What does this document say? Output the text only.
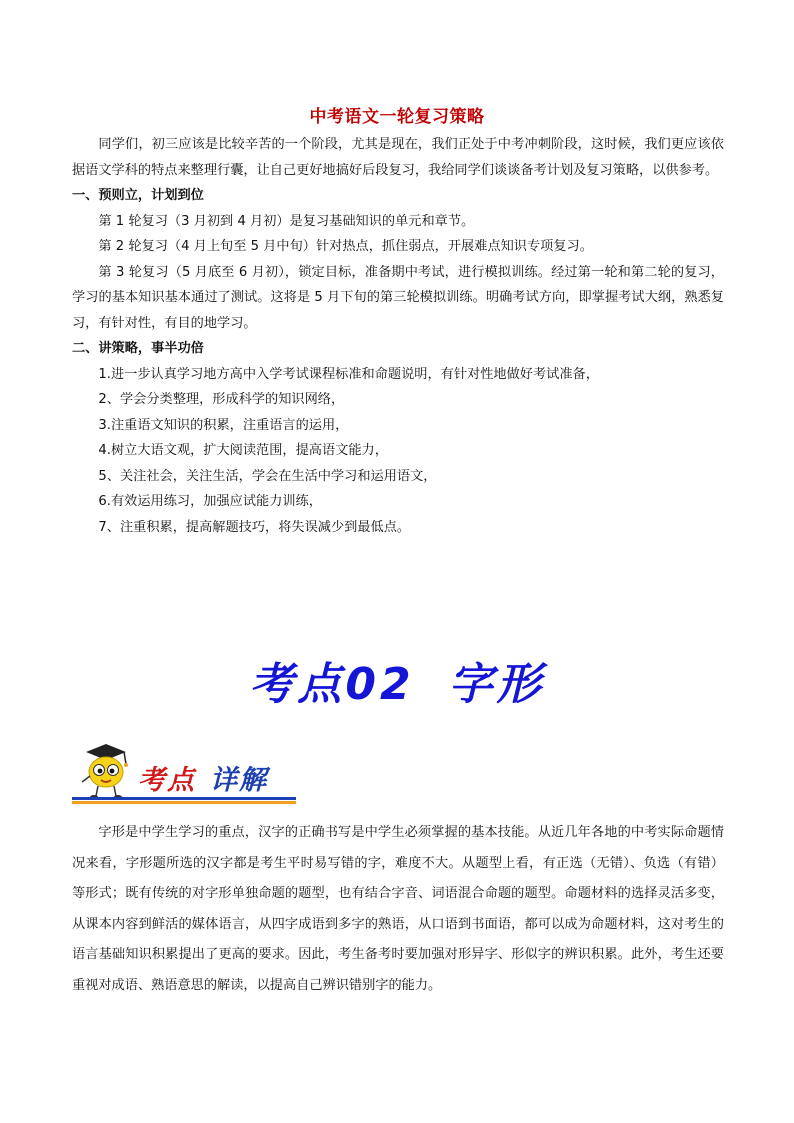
中考语文一轮复习策略

同学们，初三应该是比较辛苦的一个阶段，尤其是现在，我们正处于中考冲刺阶段，这时候，我们更应该依据语文学科的特点来整理行囊，让自己更好地搞好后段复习，我给同学们谈谈备考计划及复习策略，以供参考。

一、预则立，计划到位

第 1 轮复习（3 月初到 4 月初）是复习基础知识的单元和章节。

第 2 轮复习（4 月上旬至 5 月中旬）针对热点，抓住弱点，开展难点知识专项复习。

第 3 轮复习（5 月底至 6 月初），锁定目标，准备期中考试，进行模拟训练。经过第一轮和第二轮的复习，学习的基本知识基本通过了测试。这将是 5 月下旬的第三轮模拟训练。明确考试方向，即掌握考试大纲，熟悉复习，有针对性，有目的地学习。

二、讲策略，事半功倍

1.进一步认真学习地方高中入学考试课程标准和命题说明，有针对性地做好考试准备，

2、学会分类整理，形成科学的知识网络，

3.注重语文知识的积累，注重语言的运用，

4.树立大语文观，扩大阅读范围，提高语文能力，

5、关注社会，关注生活，学会在生活中学习和运用语文，

6.有效运用练习，加强应试能力训练，

7、注重积累，提高解题技巧，将失误减少到最低点。

考点02 字形
考点 详解

字形是中学生学习的重点，汉字的正确书写是中学生必须掌握的基本技能。从近几年各地的中考实际命题情况来看，字形题所选的汉字都是考生平时易写错的字，难度不大。从题型上看，有正选（无错）、负选（有错）等形式；既有传统的对字形单独命题的题型，也有结合字音、词语混合命题的题型。命题材料的选择灵活多变，从课本内容到鲜活的媒体语言，从四字成语到多字的熟语，从口语到书面语，都可以成为命题材料，这对考生的语言基础知识积累提出了更高的要求。因此，考生备考时要加强对形异字、形似字的辨识积累。此外，考生还要重视对成语、熟语意思的解读，以提高自己辨识错别字的能力。
